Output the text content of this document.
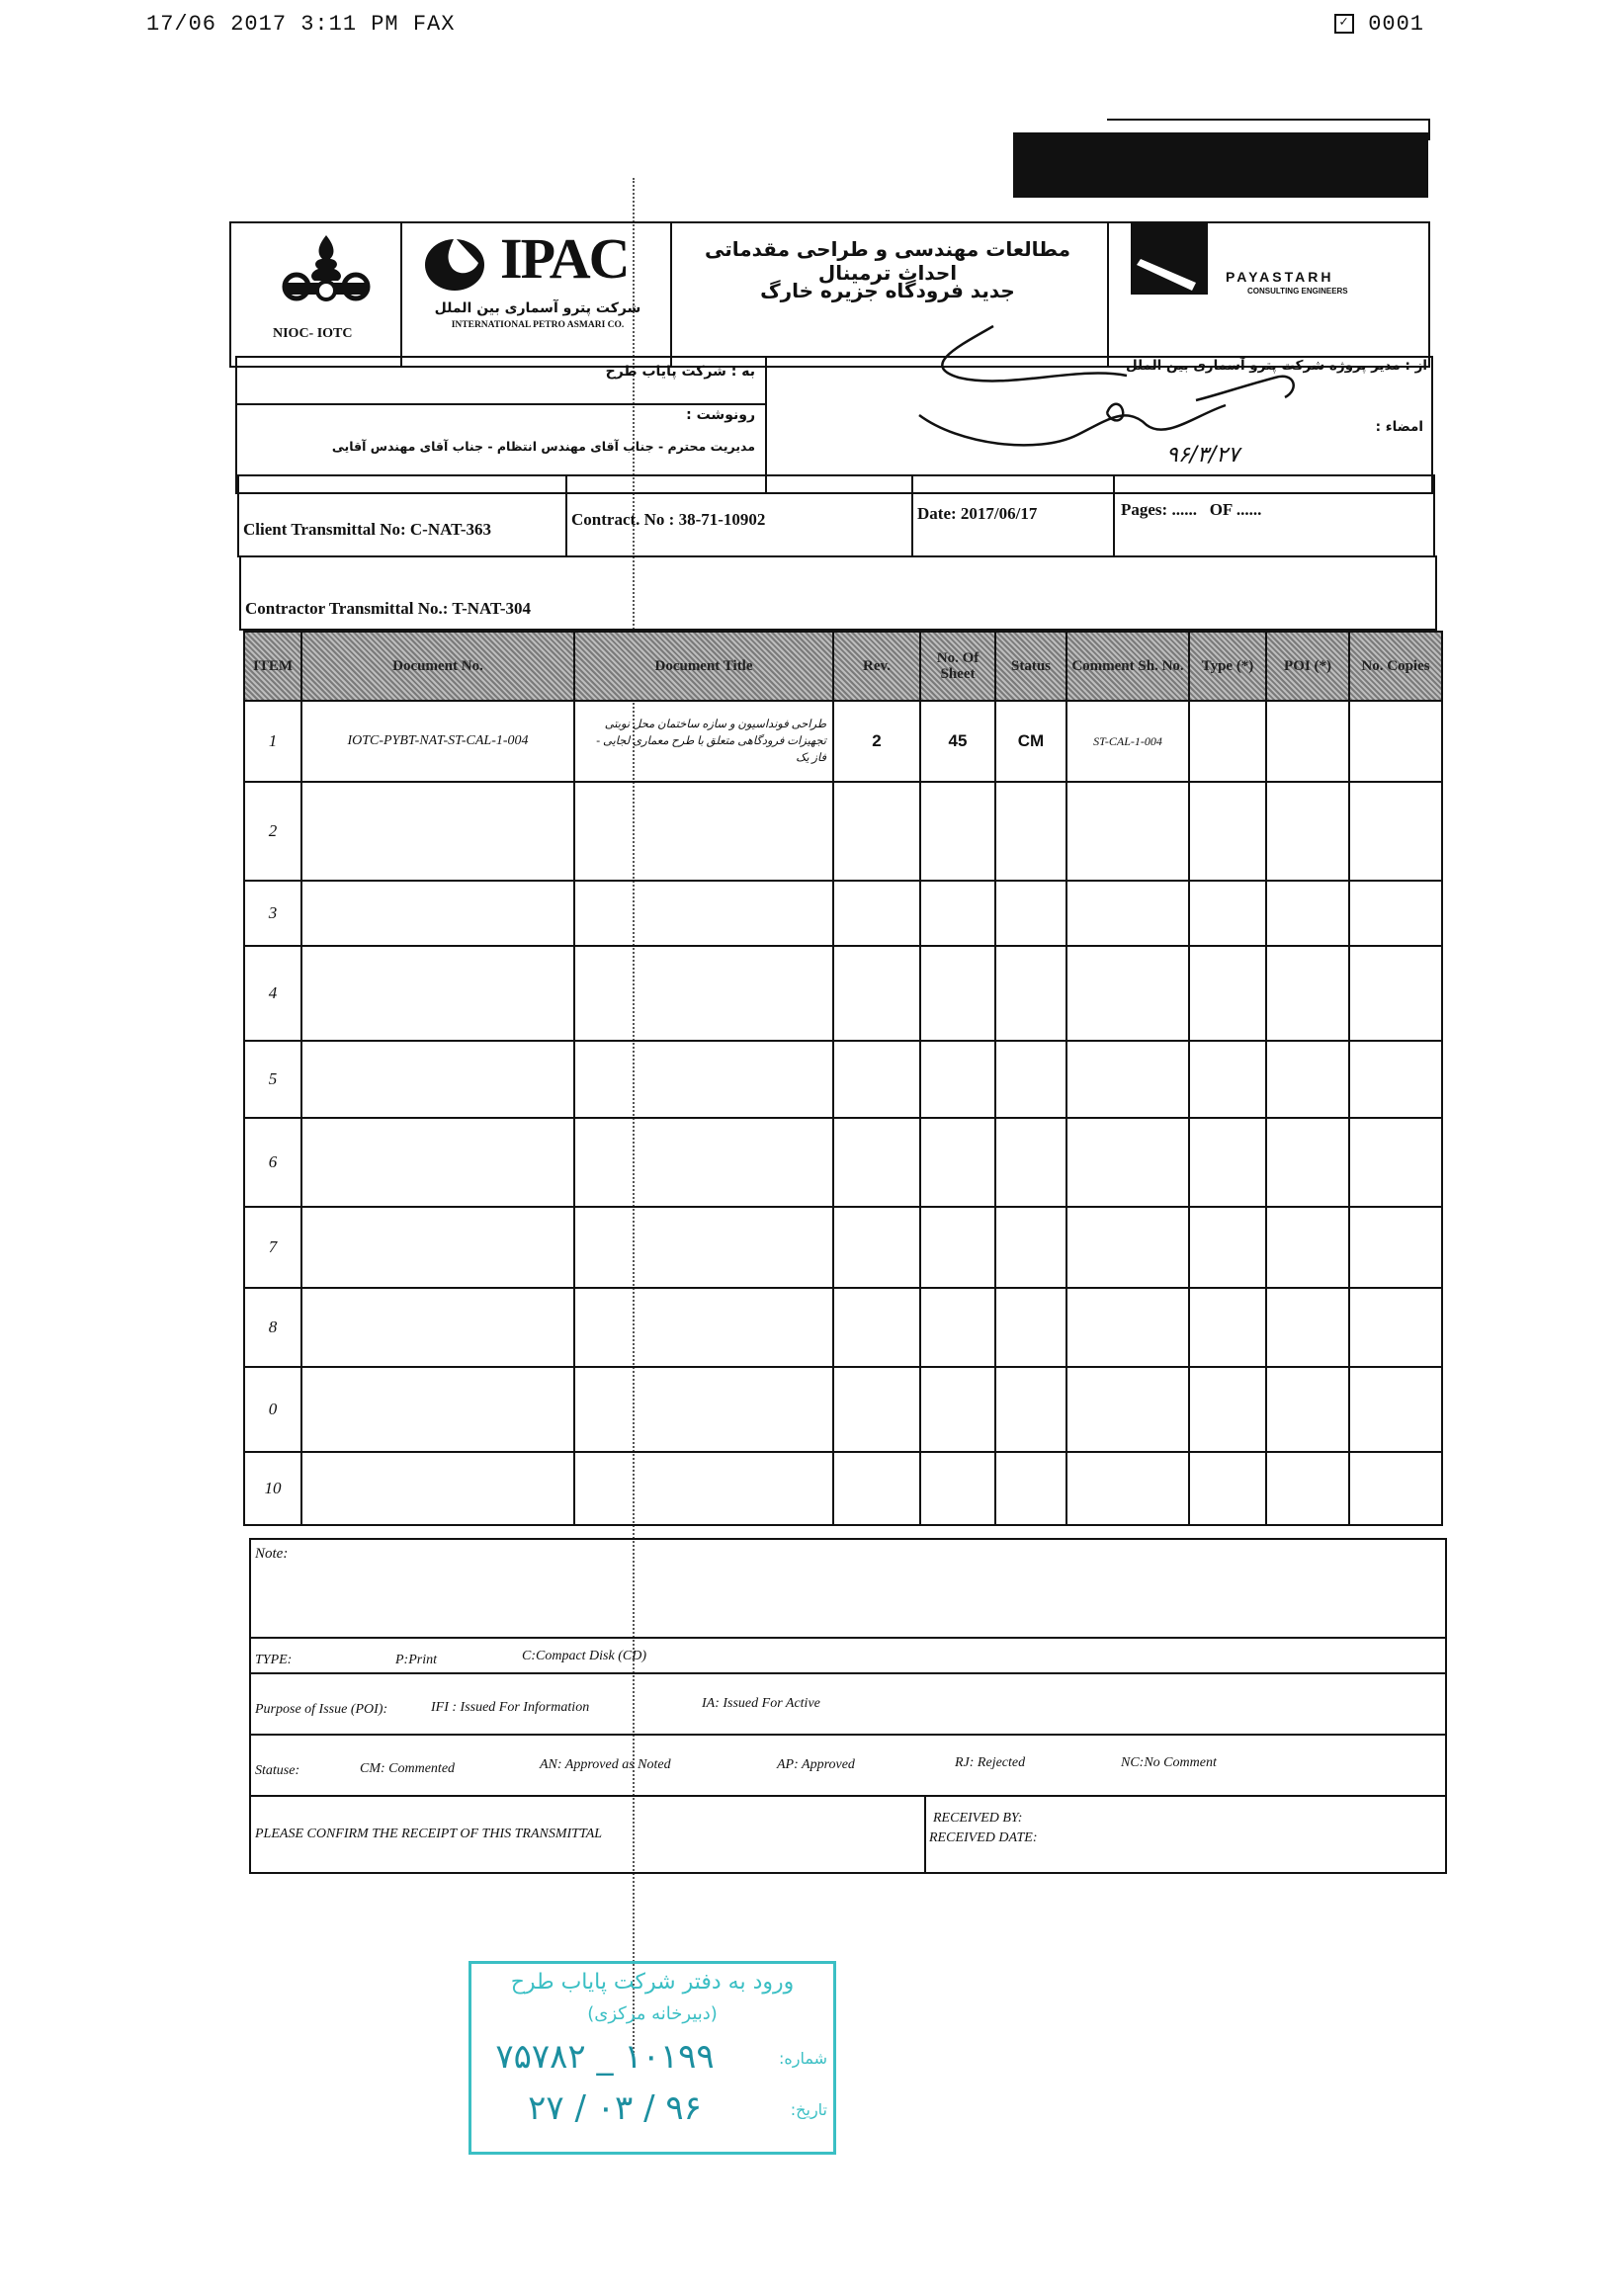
17/06 2017 3:11 PM FAX	✓ 0001
NIOC- IOTC
IPAC
شرکت پترو آسماری بین الملل
INTERNATIONAL PETRO ASMARI CO.
مطالعات مهندسی و طراحی مقدماتی احداث ترمینال
جدید فرودگاه جزیره خارگ
PAYASTARH
CONSULTING ENGINEERS
به : شرکت پایاب طرح
رونوشت :
مدیریت محترم - جناب آقای مهندس انتظام - جناب آقای مهندس آقایی
از : مدیر پروژه شرکت پترو آسماری بین الملل
امضاء :
۹۶/۳/۲۷
Client Transmittal No: C-NAT-363
Contract. No : 38-71-10902	Date: 2017/06/17	Pages: ......   OF ......
Contractor Transmittal No.: T-NAT-304
ITEM	Document No.	Document Title	Rev.	No. Of Sheet	Status	Comment Sh. No.	Type (*)	POI (*)	No. Copies
1	IOTC-PYBT-NAT-ST-CAL-1-004	طراحی فونداسیون و سازه ساختمان محل نوبتی تجهیزات فرودگاهی متعلق با طرح معماری لجایی - فاز یک	2	45	CM	ST-CAL-1-004			
2									
3									
4									
5									
6									
7									
8									
0									
10									
Note:
TYPE:	P:Print	C:Compact Disk (CD)
Purpose of Issue (POI):	IFI : Issued For Information	IA: Issued For Active
Statuse:	CM: Commented	AN: Approved as Noted	AP: Approved	RJ: Rejected	NC:No Comment
PLEASE CONFIRM THE RECEIPT OF THIS TRANSMITTAL
RECEIVED BY:
RECEIVED DATE:
ورود به دفتر شرکت پایاب طرح
(دبیرخانه مرکزی)
شماره:
۱۰۱۹۹ _ ۷۵۷۸۲
تاریخ:
۹۶ / ۰۳ / ۲۷
